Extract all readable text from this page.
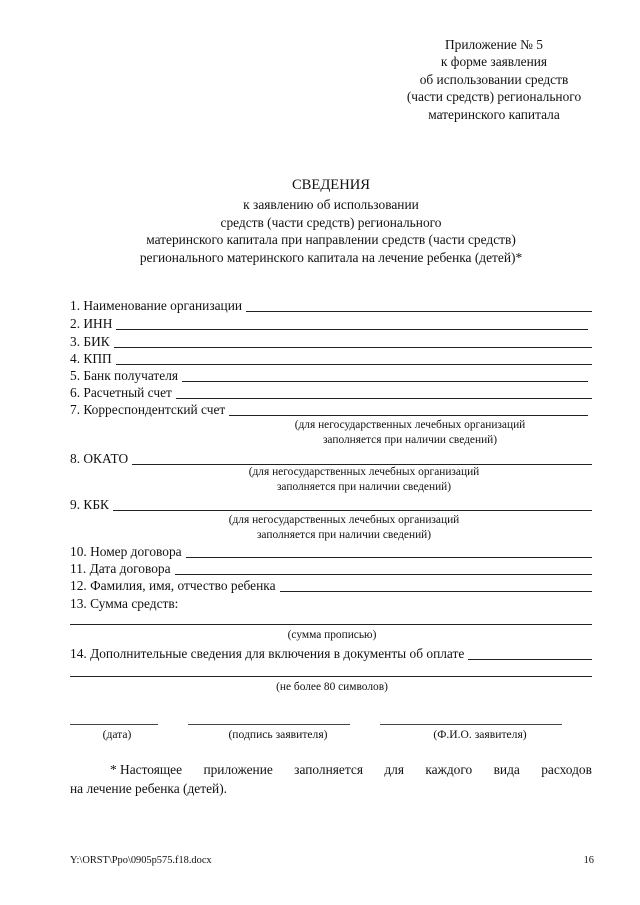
Приложение № 5
к форме заявления
об использовании средств
(части средств) регионального
материнского капитала
СВЕДЕНИЯ
к заявлению об использовании
средств (части средств) регионального
материнского капитала при направлении средств (части средств)
регионального материнского капитала на лечение ребенка (детей)*
1. Наименование организации
2. ИНН
3. БИК
4. КПП
5. Банк получателя
6. Расчетный счет
7. Корреспондентский счет
(для негосударственных лечебных организаций
заполняется при наличии сведений)
8. ОКАТО
(для негосударственных лечебных организаций
заполняется при наличии сведений)
9. КБК
(для негосударственных лечебных организаций
заполняется при наличии сведений)
10. Номер договора
11. Дата договора
12. Фамилия, имя, отчество ребенка
13. Сумма средств:
(сумма прописью)
14. Дополнительные сведения для включения в документы об оплате
(не более 80 символов)
(дата)	(подпись заявителя)	(Ф.И.О. заявителя)
* Настоящее приложение заполняется для каждого вида расходов
на лечение ребенка (детей).
Y:\ORST\Ppo\0905p575.f18.docx	16
